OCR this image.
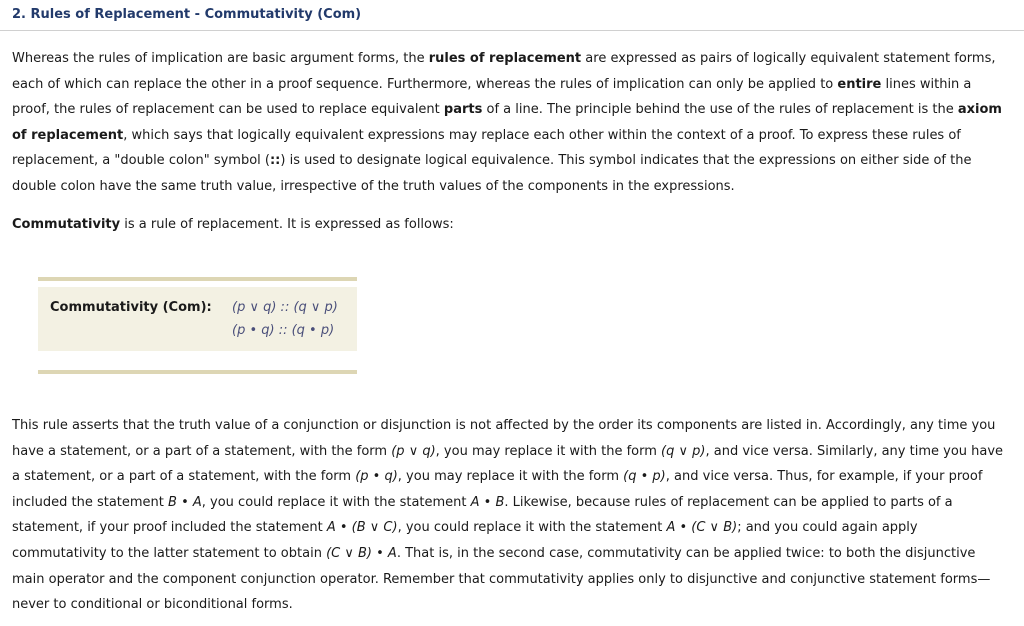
2. Rules of Replacement - Commutativity (Com)

Whereas the rules of implication are basic argument forms, the rules of replacement are expressed as pairs of logically equivalent statement forms, each of which can replace the other in a proof sequence. Furthermore, whereas the rules of implication can only be applied to entire lines within a proof, the rules of replacement can be used to replace equivalent parts of a line. The principle behind the use of the rules of replacement is the axiom of replacement, which says that logically equivalent expressions may replace each other within the context of a proof. To express these rules of replacement, a "double colon" symbol (::) is used to designate logical equivalence. This symbol indicates that the expressions on either side of the double colon have the same truth value, irrespective of the truth values of the components in the expressions.

Commutativity is a rule of replacement. It is expressed as follows:

Commutativity (Com): (p ∨ q) :: (q ∨ p)
(p • q) :: (q • p)

This rule asserts that the truth value of a conjunction or disjunction is not affected by the order its components are listed in. Accordingly, any time you have a statement, or a part of a statement, with the form (p ∨ q), you may replace it with the form (q ∨ p), and vice versa. Similarly, any time you have a statement, or a part of a statement, with the form (p • q), you may replace it with the form (q • p), and vice versa. Thus, for example, if your proof included the statement B • A, you could replace it with the statement A • B. Likewise, because rules of replacement can be applied to parts of a statement, if your proof included the statement A • (B ∨ C), you could replace it with the statement A • (C ∨ B); and you could again apply commutativity to the latter statement to obtain (C ∨ B) • A. That is, in the second case, commutativity can be applied twice: to both the disjunctive main operator and the component conjunction operator. Remember that commutativity applies only to disjunctive and conjunctive statement forms—never to conditional or biconditional forms.
